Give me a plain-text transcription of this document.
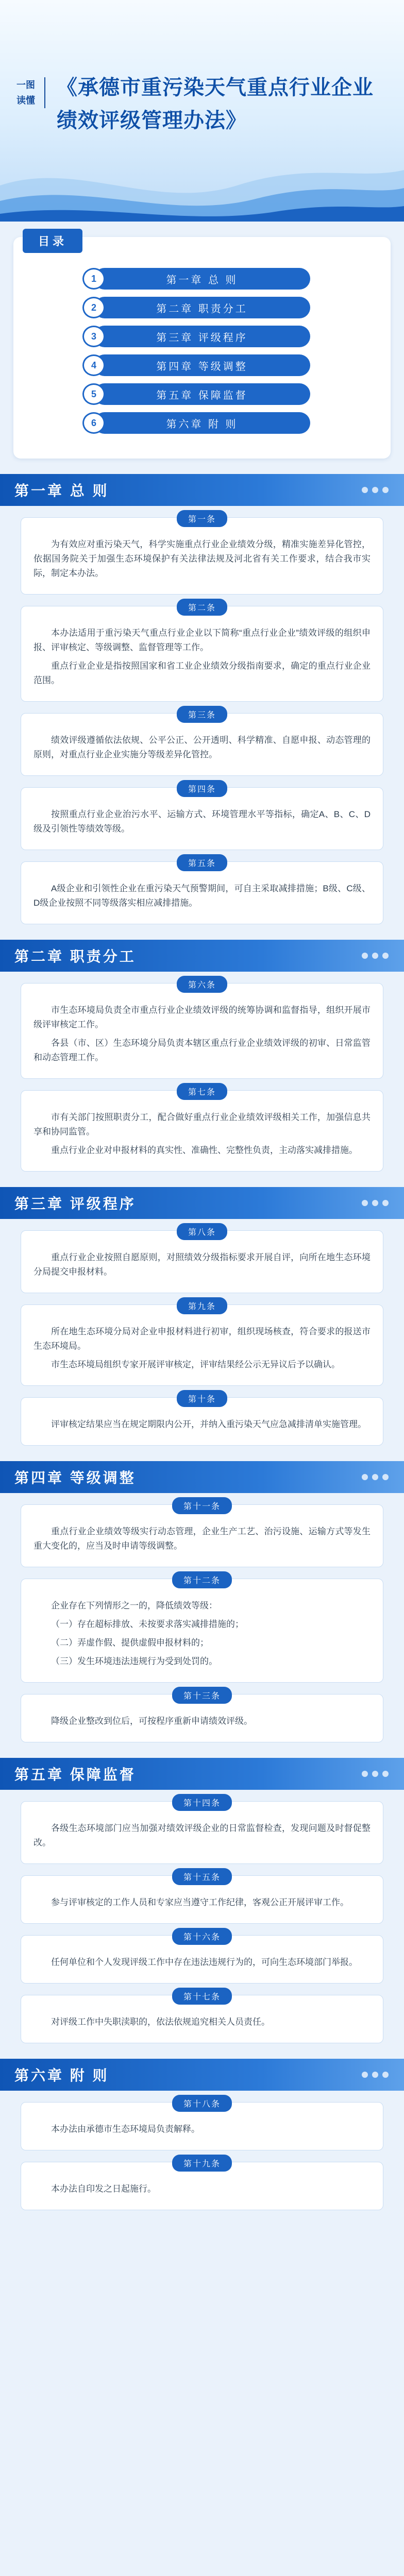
一图
读懂
《承德市重污染天气重点行业企业绩效评级管理办法》
目录
1	第一章 总 则
2	第二章 职责分工
3	第三章 评级程序
4	第四章 等级调整
5	第五章 保障监督
6	第六章 附 则
第一章 总 则
第一条

为有效应对重污染天气，科学实施重点行业企业绩效分级，精准实施差异化管控，依据国务院关于加强生态环境保护有关法律法规及河北省有关工作要求，结合我市实际，制定本办法。

第二条

本办法适用于重污染天气重点行业企业以下简称“重点行业企业”绩效评级的组织申报、评审核定、等级调整、监督管理等工作。

重点行业企业是指按照国家和省工业企业绩效分级指南要求，确定的重点行业企业范围。

第三条

绩效评级遵循依法依规、公平公正、公开透明、科学精准、自愿申报、动态管理的原则，对重点行业企业实施分等级差异化管控。

第四条

按照重点行业企业治污水平、运输方式、环境管理水平等指标，确定A、B、C、D级及引领性等绩效等级。

第五条

A级企业和引领性企业在重污染天气预警期间，可自主采取减排措施；B级、C级、D级企业按照不同等级落实相应减排措施。

第二章 职责分工
第六条

市生态环境局负责全市重点行业企业绩效评级的统筹协调和监督指导，组织开展市级评审核定工作。

各县（市、区）生态环境分局负责本辖区重点行业企业绩效评级的初审、日常监管和动态管理工作。

第七条

市有关部门按照职责分工，配合做好重点行业企业绩效评级相关工作，加强信息共享和协同监管。

重点行业企业对申报材料的真实性、准确性、完整性负责，主动落实减排措施。

第三章 评级程序
第八条

重点行业企业按照自愿原则，对照绩效分级指标要求开展自评，向所在地生态环境分局提交申报材料。

第九条

所在地生态环境分局对企业申报材料进行初审，组织现场核查，符合要求的报送市生态环境局。

市生态环境局组织专家开展评审核定，评审结果经公示无异议后予以确认。

第十条

评审核定结果应当在规定期限内公开，并纳入重污染天气应急减排清单实施管理。

第四章 等级调整
第十一条

重点行业企业绩效等级实行动态管理，企业生产工艺、治污设施、运输方式等发生重大变化的，应当及时申请等级调整。

第十二条

企业存在下列情形之一的，降低绩效等级：

（一）存在超标排放、未按要求落实减排措施的；

（二）弄虚作假、提供虚假申报材料的；

（三）发生环境违法违规行为受到处罚的。

第十三条

降级企业整改到位后，可按程序重新申请绩效评级。

第五章 保障监督
第十四条

各级生态环境部门应当加强对绩效评级企业的日常监督检查，发现问题及时督促整改。

第十五条

参与评审核定的工作人员和专家应当遵守工作纪律，客观公正开展评审工作。

第十六条

任何单位和个人发现评级工作中存在违法违规行为的，可向生态环境部门举报。

第十七条

对评级工作中失职渎职的，依法依规追究相关人员责任。

第六章 附 则
第十八条

本办法由承德市生态环境局负责解释。

第十九条

本办法自印发之日起施行。
